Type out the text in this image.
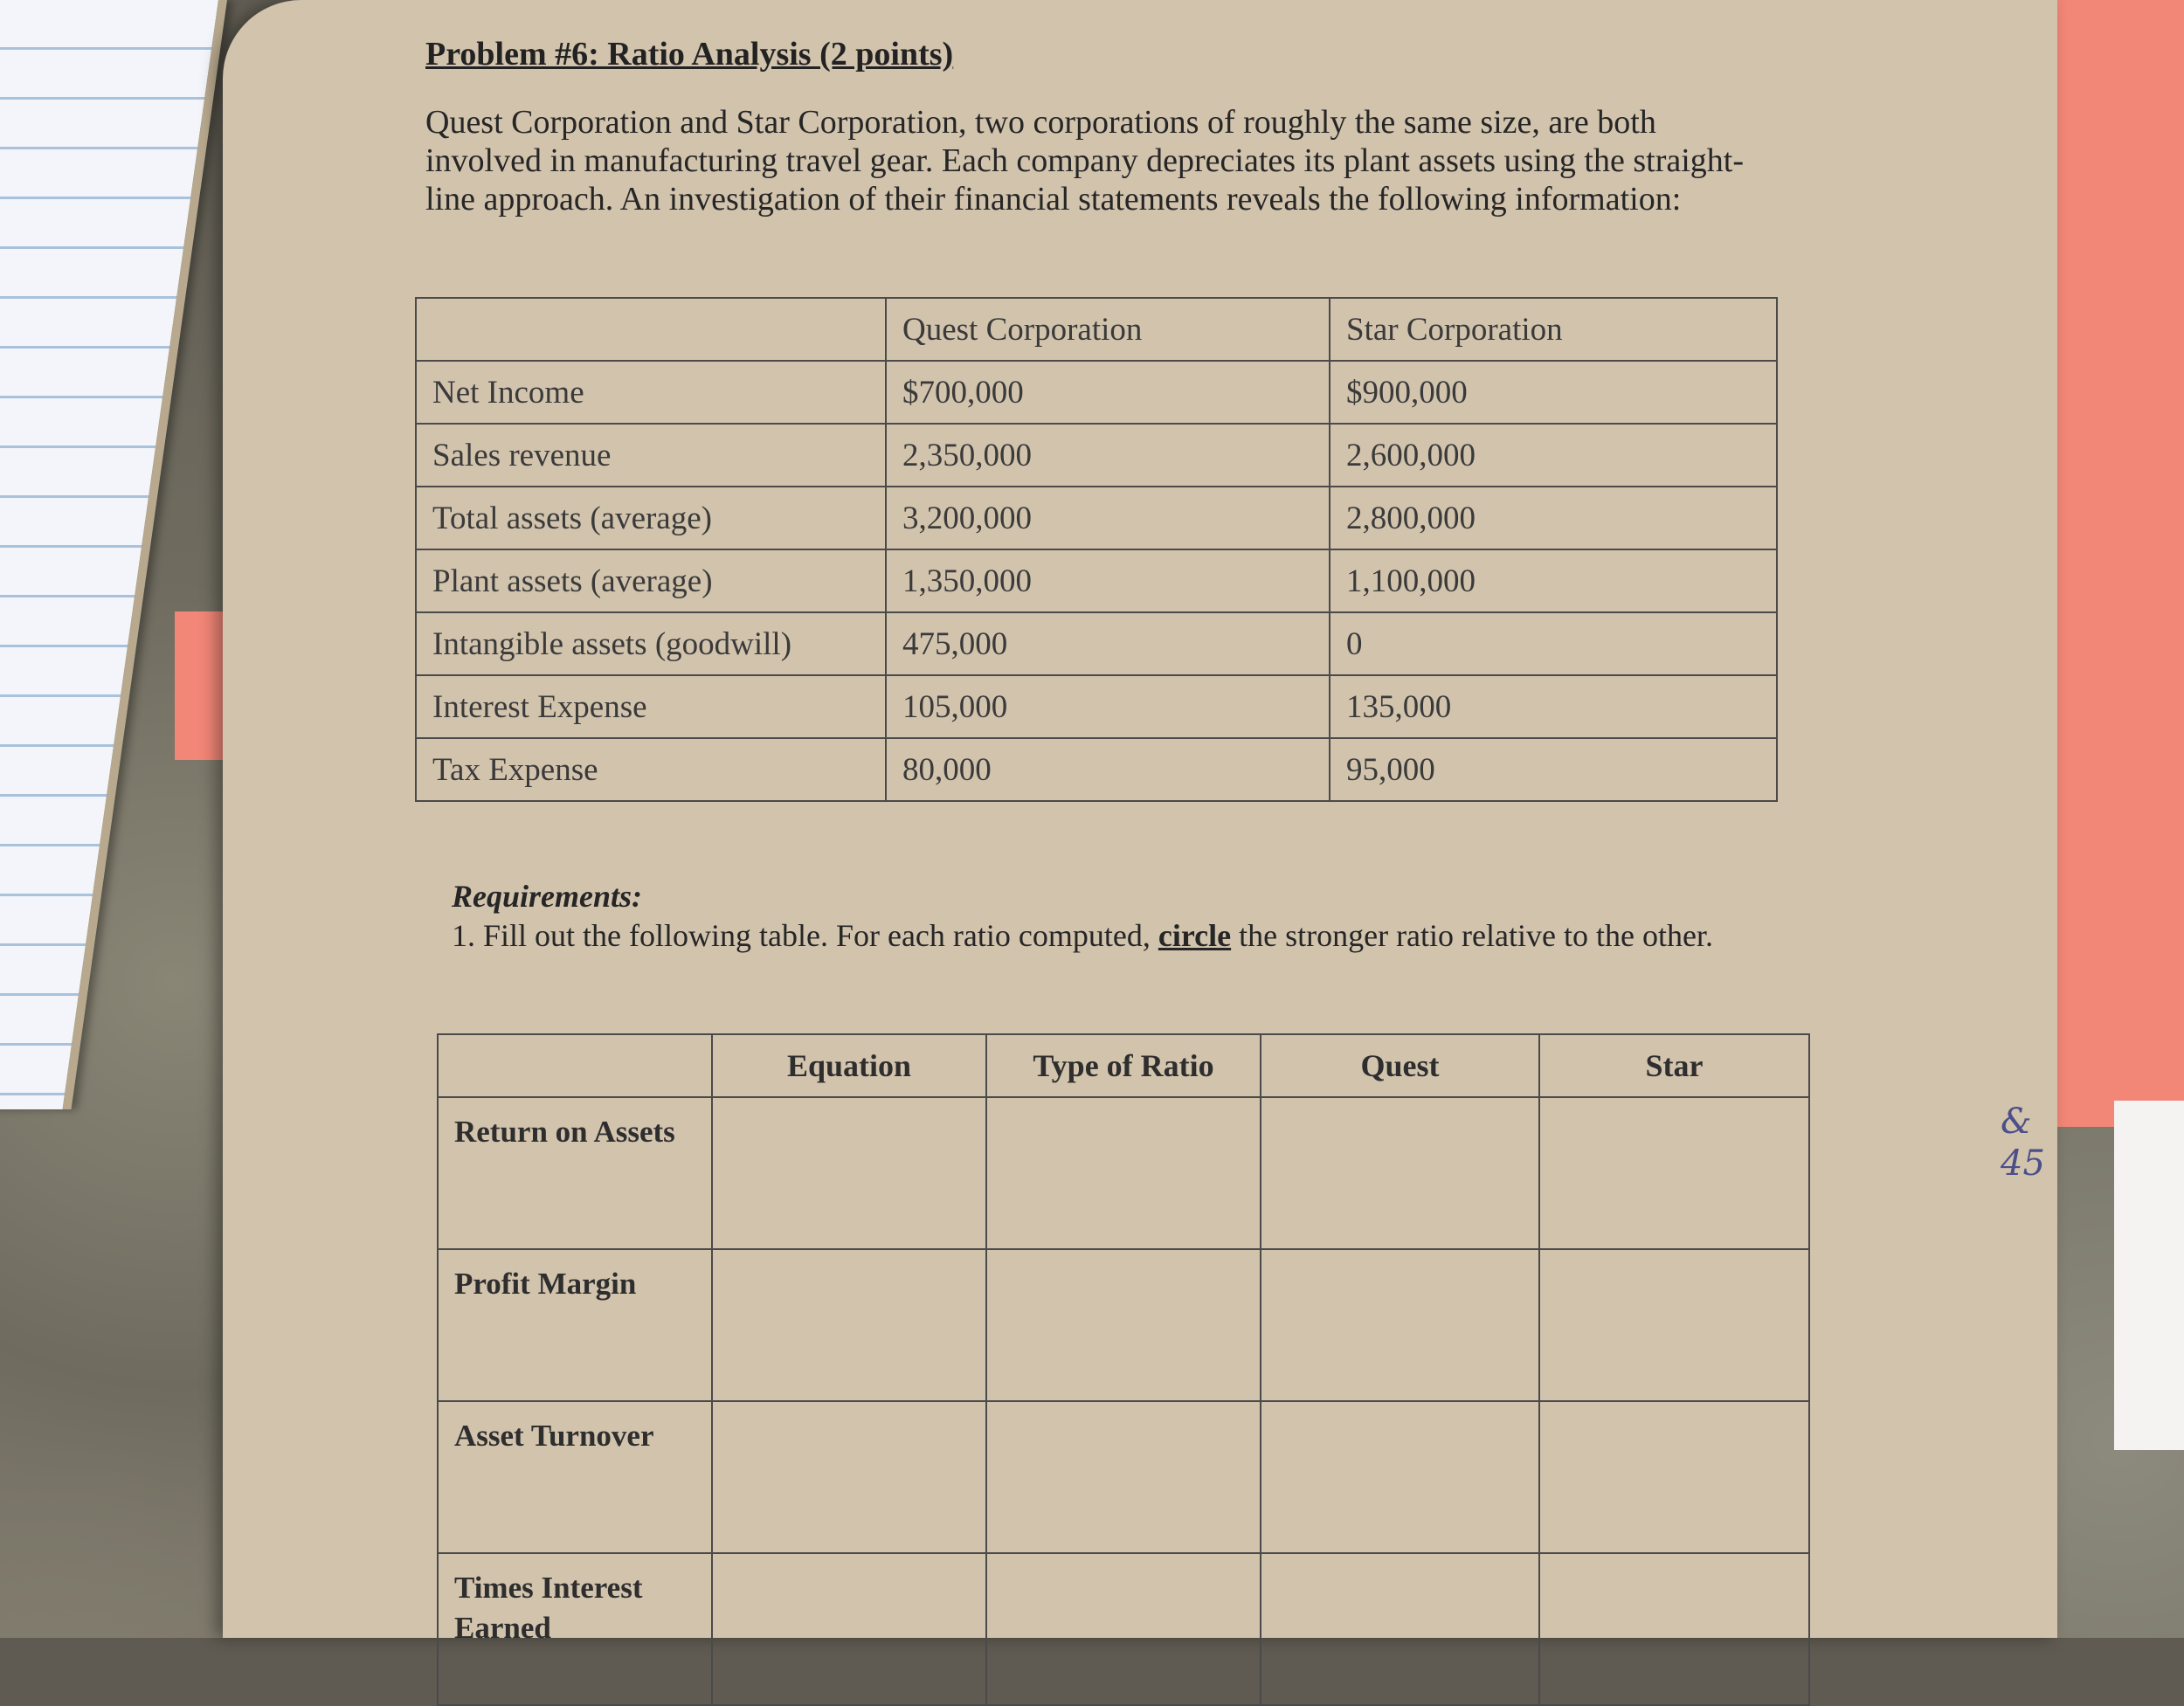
Problem #6: Ratio Analysis (2 points)
Quest Corporation and Star Corporation, two corporations of roughly the same size, are both involved in manufacturing travel gear. Each company depreciates its plant assets using the straight-line approach. An investigation of their financial statements reveals the following information:
	Quest Corporation	Star Corporation
Net Income	$700,000	$900,000
Sales revenue	2,350,000	2,600,000
Total assets (average)	3,200,000	2,800,000
Plant assets (average)	1,350,000	1,100,000
Intangible assets (goodwill)	475,000	0
Interest Expense	105,000	135,000
Tax Expense	80,000	95,000
Requirements:
1. Fill out the following table. For each ratio computed, circle the stronger ratio relative to the other.
	Equation	Type of Ratio	Quest	Star
Return on Assets				
Profit Margin				
Asset Turnover				
Times Interest Earned				
&
45
